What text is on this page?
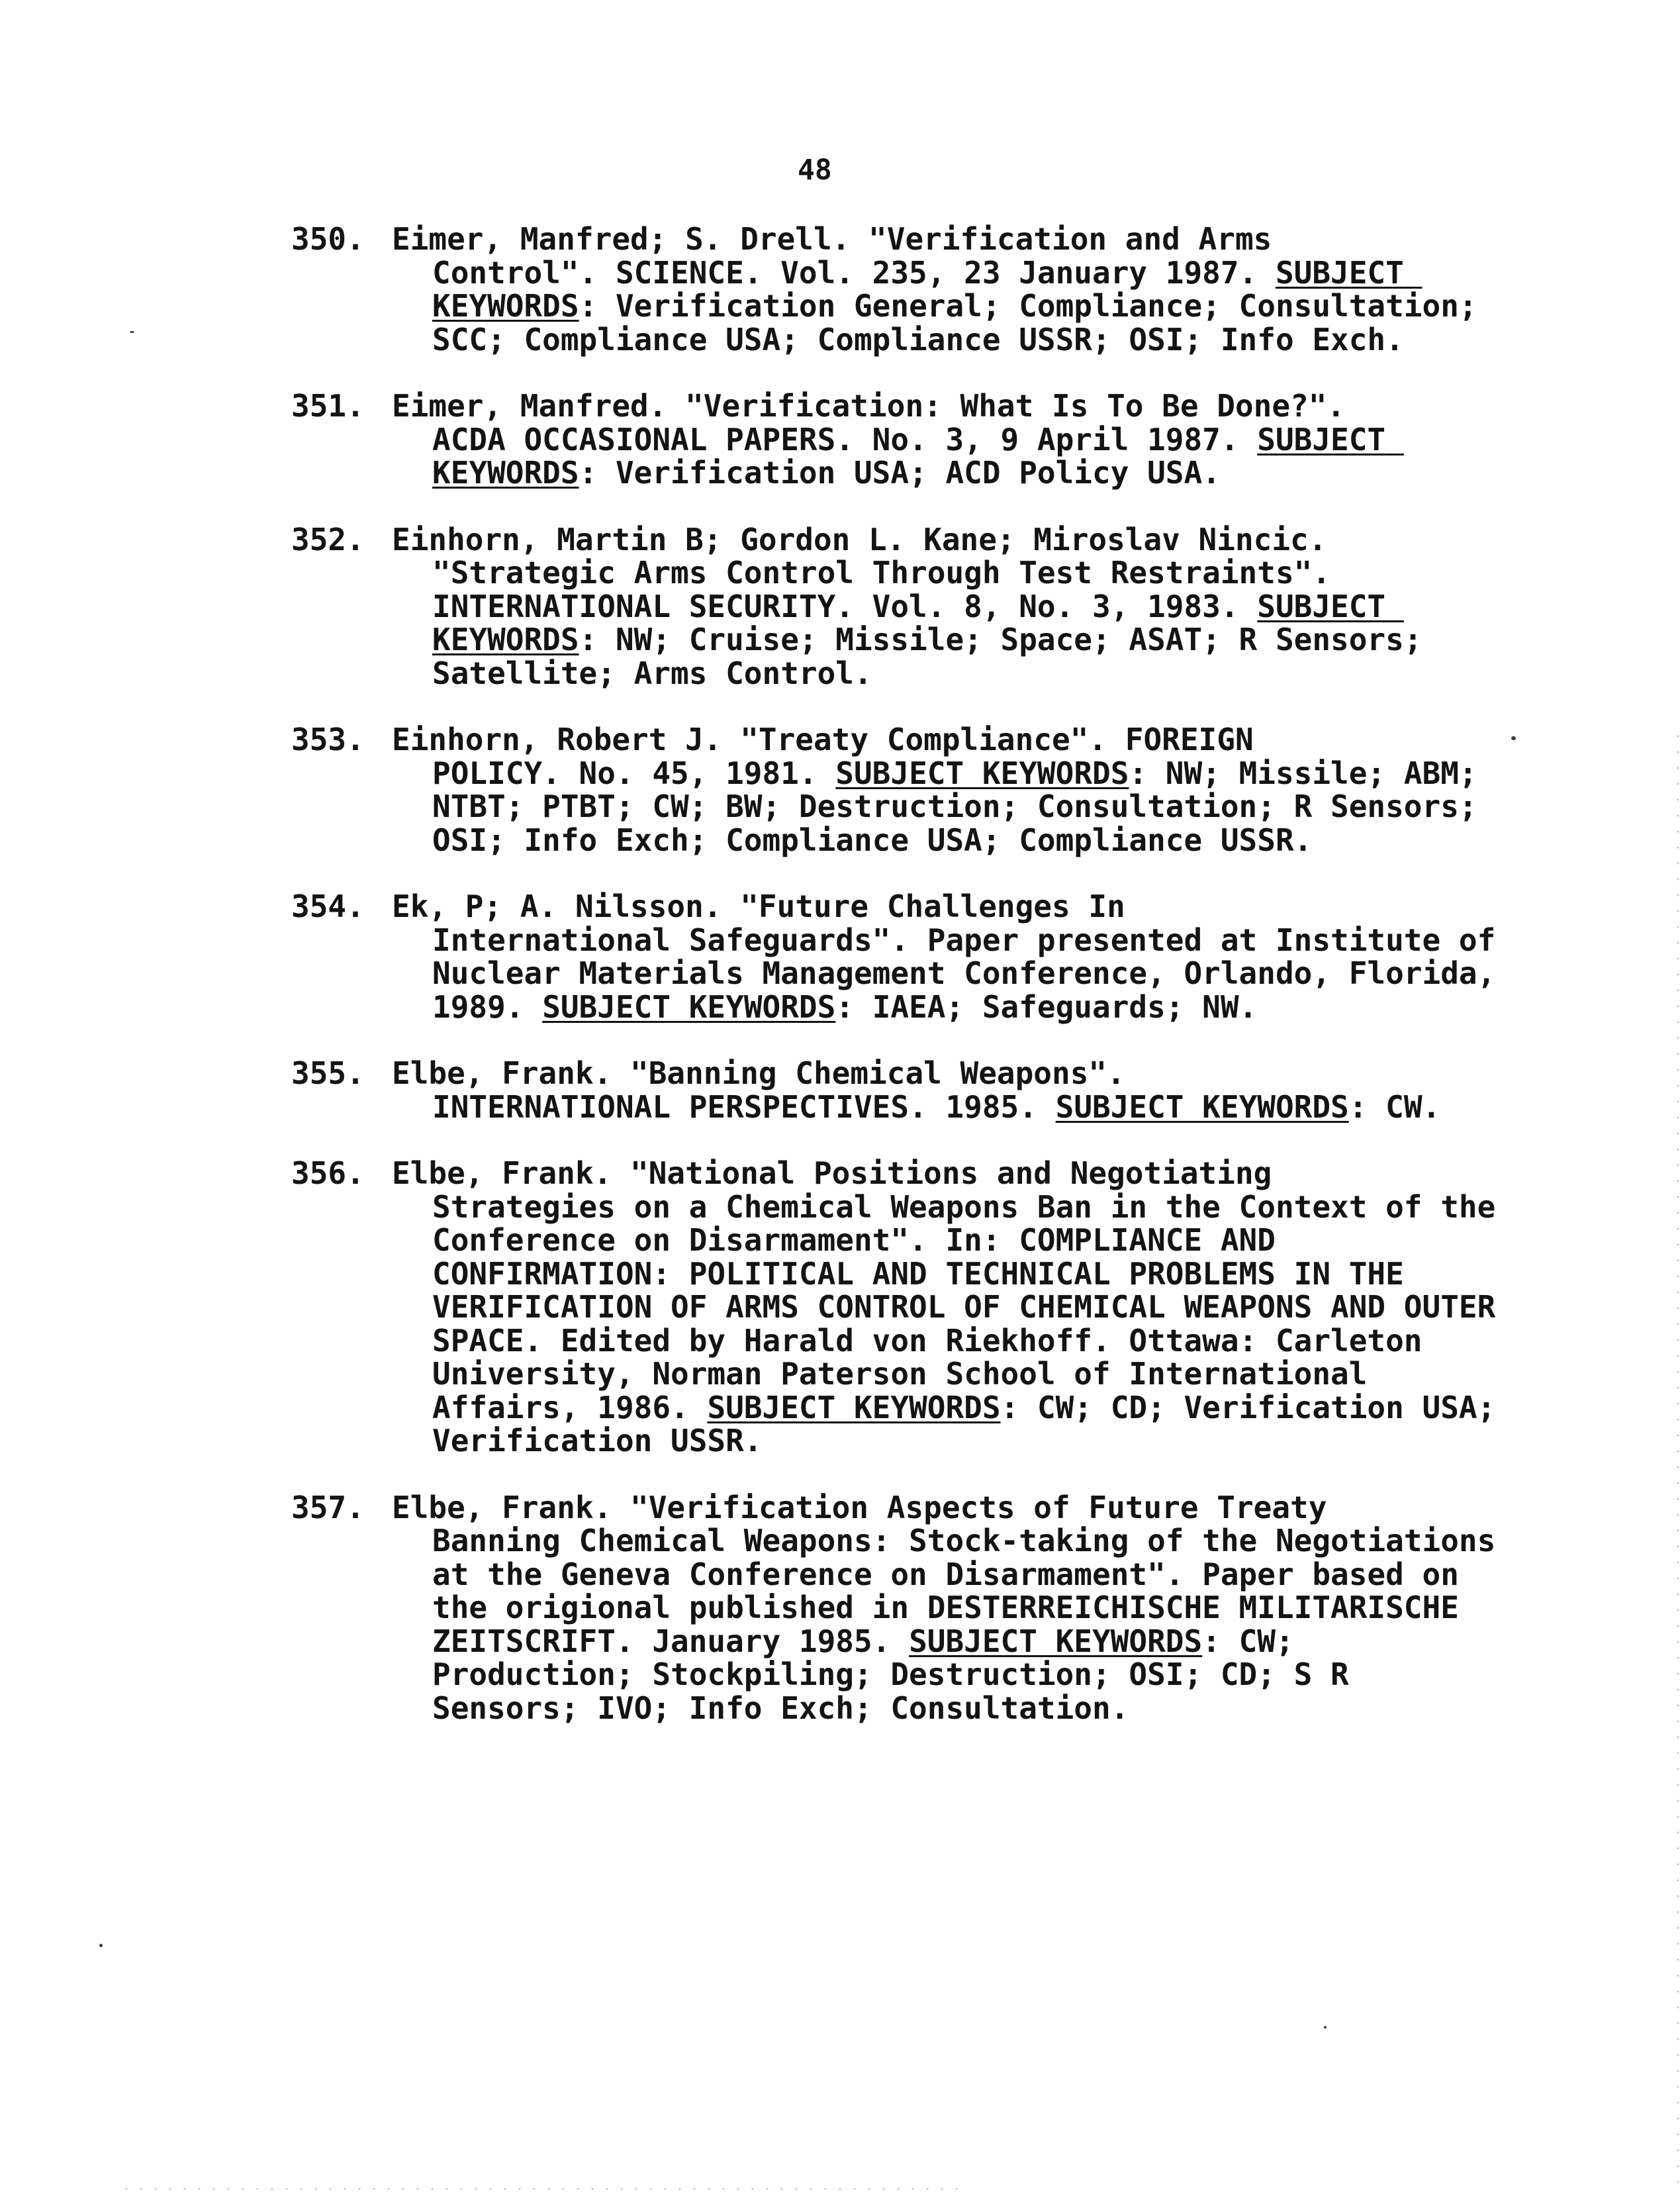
48
350. Eimer, Manfred; S. Drell. "Verification and Arms
Control". SCIENCE. Vol. 235, 23 January 1987. SUBJECT KEYWORDS: Verification General; Compliance; Consultation; SCC; Compliance USA; Compliance USSR; OSI; Info Exch.
351. Eimer, Manfred. "Verification: What Is To Be Done?".
ACDA OCCASIONAL PAPERS. No. 3, 9 April 1987. SUBJECT KEYWORDS: Verification USA; ACD Policy USA.
352. Einhorn, Martin B; Gordon L. Kane; Miroslav Nincic.
"Strategic Arms Control Through Test Restraints". INTERNATIONAL SECURITY. Vol. 8, No. 3, 1983. SUBJECT KEYWORDS: NW; Cruise; Missile; Space; ASAT; R Sensors; Satellite; Arms Control.
353. Einhorn, Robert J. "Treaty Compliance". FOREIGN
POLICY. No. 45, 1981. SUBJECT KEYWORDS: NW; Missile; ABM; NTBT; PTBT; CW; BW; Destruction; Consultation; R Sensors; OSI; Info Exch; Compliance USA; Compliance USSR.
354. Ek, P; A. Nilsson. "Future Challenges In
International Safeguards". Paper presented at Institute of Nuclear Materials Management Conference, Orlando, Florida, 1989. SUBJECT KEYWORDS: IAEA; Safeguards; NW.
355. Elbe, Frank. "Banning Chemical Weapons".
INTERNATIONAL PERSPECTIVES. 1985. SUBJECT KEYWORDS: CW.
356. Elbe, Frank. "National Positions and Negotiating
Strategies on a Chemical Weapons Ban in the Context of the Conference on Disarmament". In: COMPLIANCE AND CONFIRMATION: POLITICAL AND TECHNICAL PROBLEMS IN THE VERIFICATION OF ARMS CONTROL OF CHEMICAL WEAPONS AND OUTER SPACE. Edited by Harald von Riekhoff. Ottawa: Carleton University, Norman Paterson School of International Affairs, 1986. SUBJECT KEYWORDS: CW; CD; Verification USA; Verification USSR.
357. Elbe, Frank. "Verification Aspects of Future Treaty
Banning Chemical Weapons: Stock-taking of the Negotiations at the Geneva Conference on Disarmament". Paper based on the origional published in DESTERREICHISCHE MILITARISCHE ZEITSCRIFT. January 1985. SUBJECT KEYWORDS: CW; Production; Stockpiling; Destruction; OSI; CD; S R Sensors; IVO; Info Exch; Consultation.
